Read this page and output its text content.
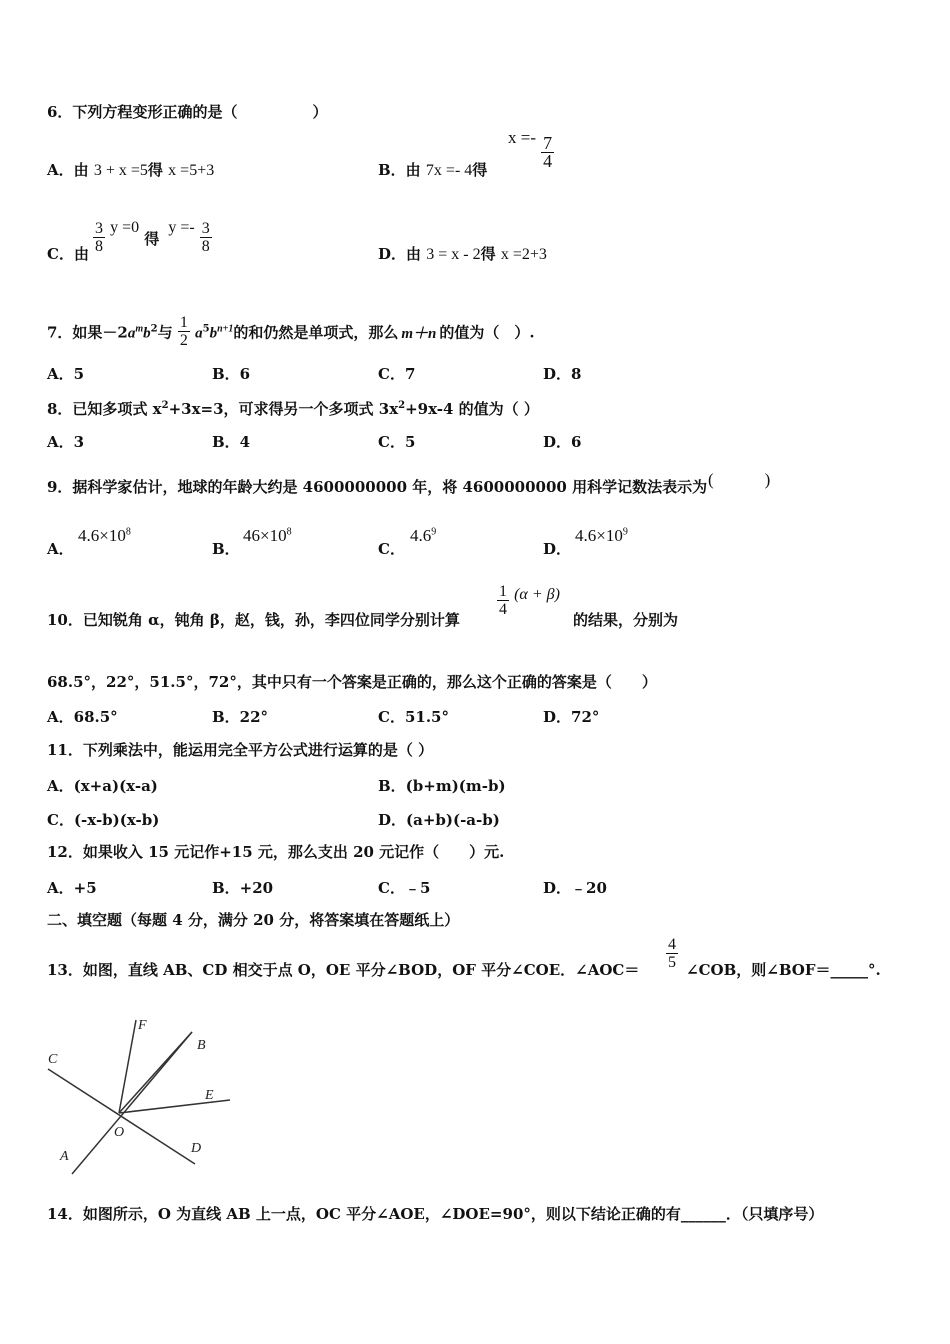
6．下列方程变形正确的是（　　　　　）
A．由 3 + x =5得 x =5+3	B．由 7x =- 4得
$x =- \frac{7}{4}$
C．由 $\frac{3}{8}$ y =0 得 $y =- \frac{3}{8}$	D．由 3 = x - 2得 x =2+3
7．如果$-2a^mb^2$与 $\frac{1}{2} a^5b^{n+1}$的和仍然是单项式，那么 m＋n 的值为（　）.
A．5	B．6	C．7	D．8
8．已知多项式 $x^2+3x=3$，可求得另一个多项式 $3x^2+9x-4$ 的值为（ ）
A．3	B．4	C．5	D．6
9．据科学家估计，地球的年龄大约是 4600000000 年，将 4600000000 用科学记数法表示为 (　　　)
A．
$4.6\times 10^8$
B．
$46\times 10^8$
C．
$4.6^9$
D．
$4.6\times 10^9$
10．已知锐角 α，钝角 β，赵，钱，孙，李四位同学分别计算
$\frac{1}{4} (\alpha + \beta)$
的结果，分别为
68.5°，22°，51.5°，72°，其中只有一个答案是正确的，那么这个正确的答案是（　　）
A．68.5°	B．22°	C．51.5°	D．72°
11．下列乘法中，能运用完全平方公式进行运算的是（ ）
A．(x+a)(x-a)	B．(b+m)(m-b)
C．(-x-b)(x-b)	D．(a+b)(-a-b)
12．如果收入 15 元记作+15 元，那么支出 20 元记作（　　）元.
A．+5	B．+20	C．﹣5	D．﹣20
二、填空题（每题 4 分，满分 20 分，将答案填在答题纸上）
13．如图，直线 AB、CD 相交于点 O，OE 平分∠BOD，OF 平分∠COE．∠AOC＝ $\frac{4}{5}$ ∠COB，则∠BOF＝_____°.
F
B
C
E
O
A
D
14．如图所示，O 为直线 AB 上一点，OC 平分∠AOE，∠DOE=90°，则以下结论正确的有______．（只填序号）
